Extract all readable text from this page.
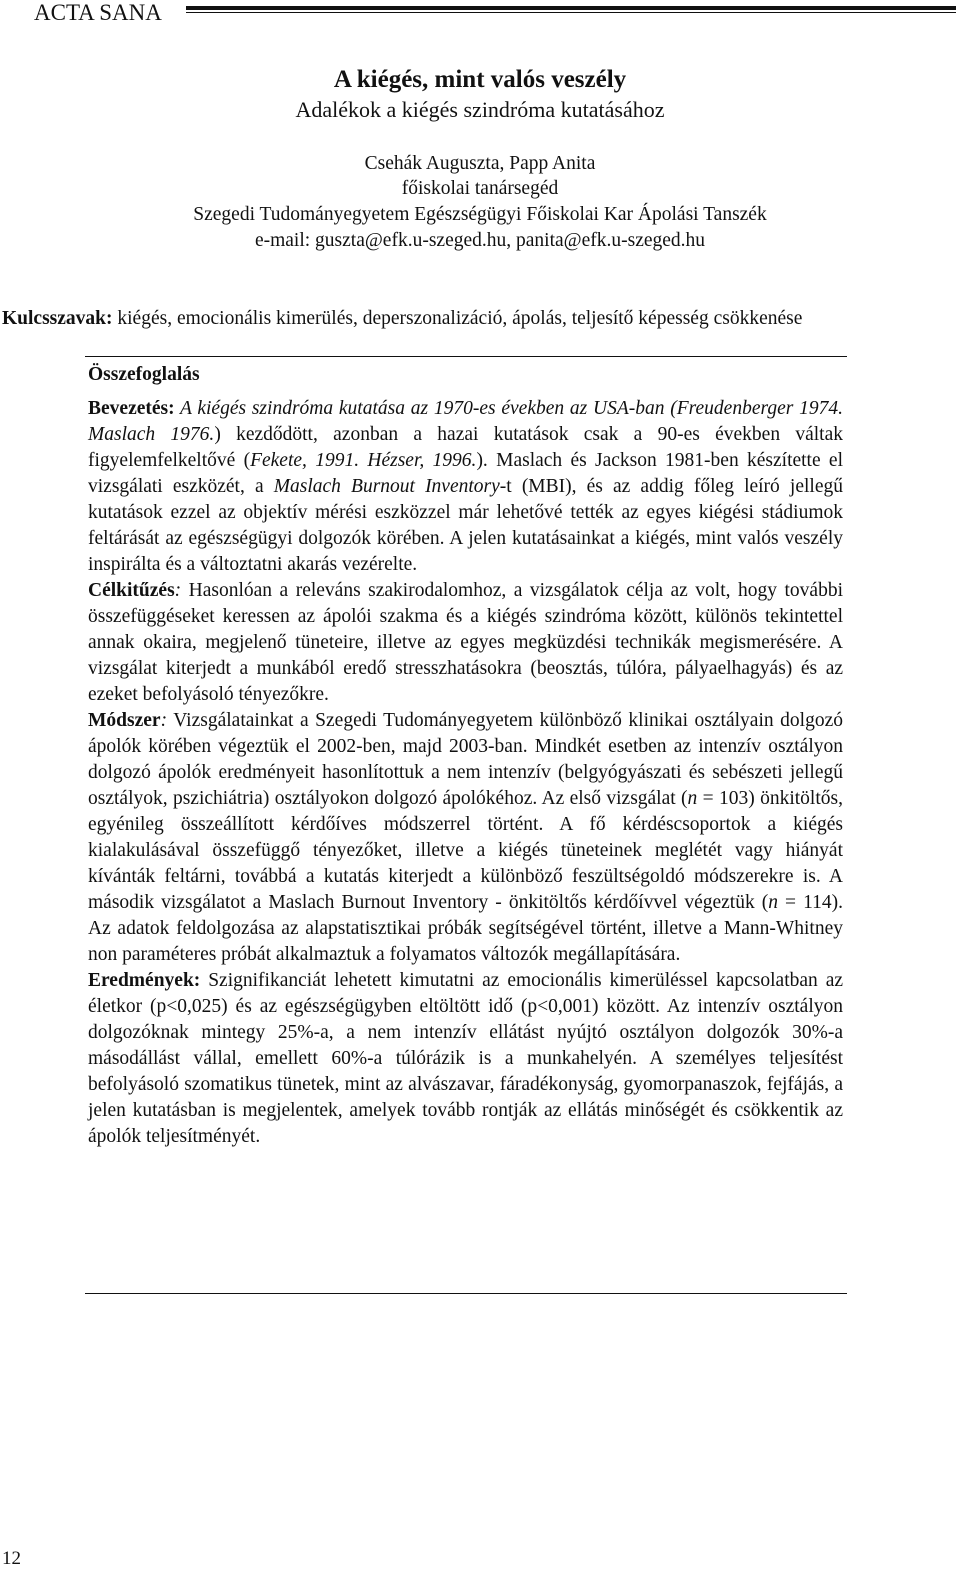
ACTA SANA
A kiégés, mint valós veszély
Adalékok a kiégés szindróma kutatásához
Csehák Auguszta, Papp Anita
főiskolai tanársegéd
Szegedi Tudományegyetem Egészségügyi Főiskolai Kar Ápolási Tanszék
e-mail: guszta@efk.u-szeged.hu, panita@efk.u-szeged.hu
Kulcsszavak: kiégés, emocionális kimerülés, deperszonalizáció, ápolás, teljesítő képesség csökkenése
Összefoglalás

Bevezetés: A kiégés szindróma kutatása az 1970-es években az USA-ban (Freudenberger 1974. Maslach 1976.) kezdődött, azonban a hazai kutatások csak a 90-es években váltak figyelemfelkeltővé (Fekete, 1991. Hézser, 1996.). Maslach és Jackson 1981-ben készítette el vizsgálati eszközét, a Maslach Burnout Inventory-t (MBI), és az addig főleg leíró jellegű kutatások ezzel az objektív mérési eszközzel már lehetővé tették az egyes kiégési stádiumok feltárását az egészségügyi dolgozók körében. A jelen kutatásainkat a kiégés, mint valós veszély inspirálta és a változtatni akarás vezérelte.

Célkitűzés: Hasonlóan a releváns szakirodalomhoz, a vizsgálatok célja az volt, hogy további összefüggéseket keressen az ápolói szakma és a kiégés szindróma között, különös tekintettel annak okaira, megjelenő tüneteire, illetve az egyes megküzdési technikák megismerésére. A vizsgálat kiterjedt a munkából eredő stresszhatásokra (beosztás, túlóra, pályaelhagyás) és az ezeket befolyásoló tényezőkre.

Módszer: Vizsgálatainkat a Szegedi Tudományegyetem különböző klinikai osztályain dolgozó ápolók körében végeztük el 2002-ben, majd 2003-ban. Mindkét esetben az intenzív osztályon dolgozó ápolók eredményeit hasonlítottuk a nem intenzív (belgyógyászati és sebészeti jellegű osztályok, pszichiátria) osztályokon dolgozó ápolókéhoz. Az első vizsgálat (n = 103) önkitöltős, egyénileg összeállított kérdőíves módszerrel történt. A fő kérdéscsoportok a kiégés kialakulásával összefüggő tényezőket, illetve a kiégés tüneteinek meglétét vagy hiányát kívánták feltárni, továbbá a kutatás kiterjedt a különböző feszültségoldó módszerekre is. A második vizsgálatot a Maslach Burnout Inventory - önkitöltős kérdőívvel végeztük (n = 114). Az adatok feldolgozása az alapstatisztikai próbák segítségével történt, illetve a Mann-Whitney non paraméteres próbát alkalmaztuk a folyamatos változók megállapítására.

Eredmények: Szignifikanciát lehetett kimutatni az emocionális kimerüléssel kapcsolatban az életkor (p<0,025) és az egészségügyben eltöltött idő (p<0,001) között. Az intenzív osztályon dolgozóknak mintegy 25%-a, a nem intenzív ellátást nyújtó osztályon dolgozók 30%-a másodállást vállal, emellett 60%-a túlórázik is a munkahelyén. A személyes teljesítést befolyásoló szomatikus tünetek, mint az alvászavar, fáradékonyság, gyomorpanaszok, fejfájás, a jelen kutatásban is megjelentek, amelyek tovább rontják az ellátás minőségét és csökkentik az ápolók teljesítményét.

12
